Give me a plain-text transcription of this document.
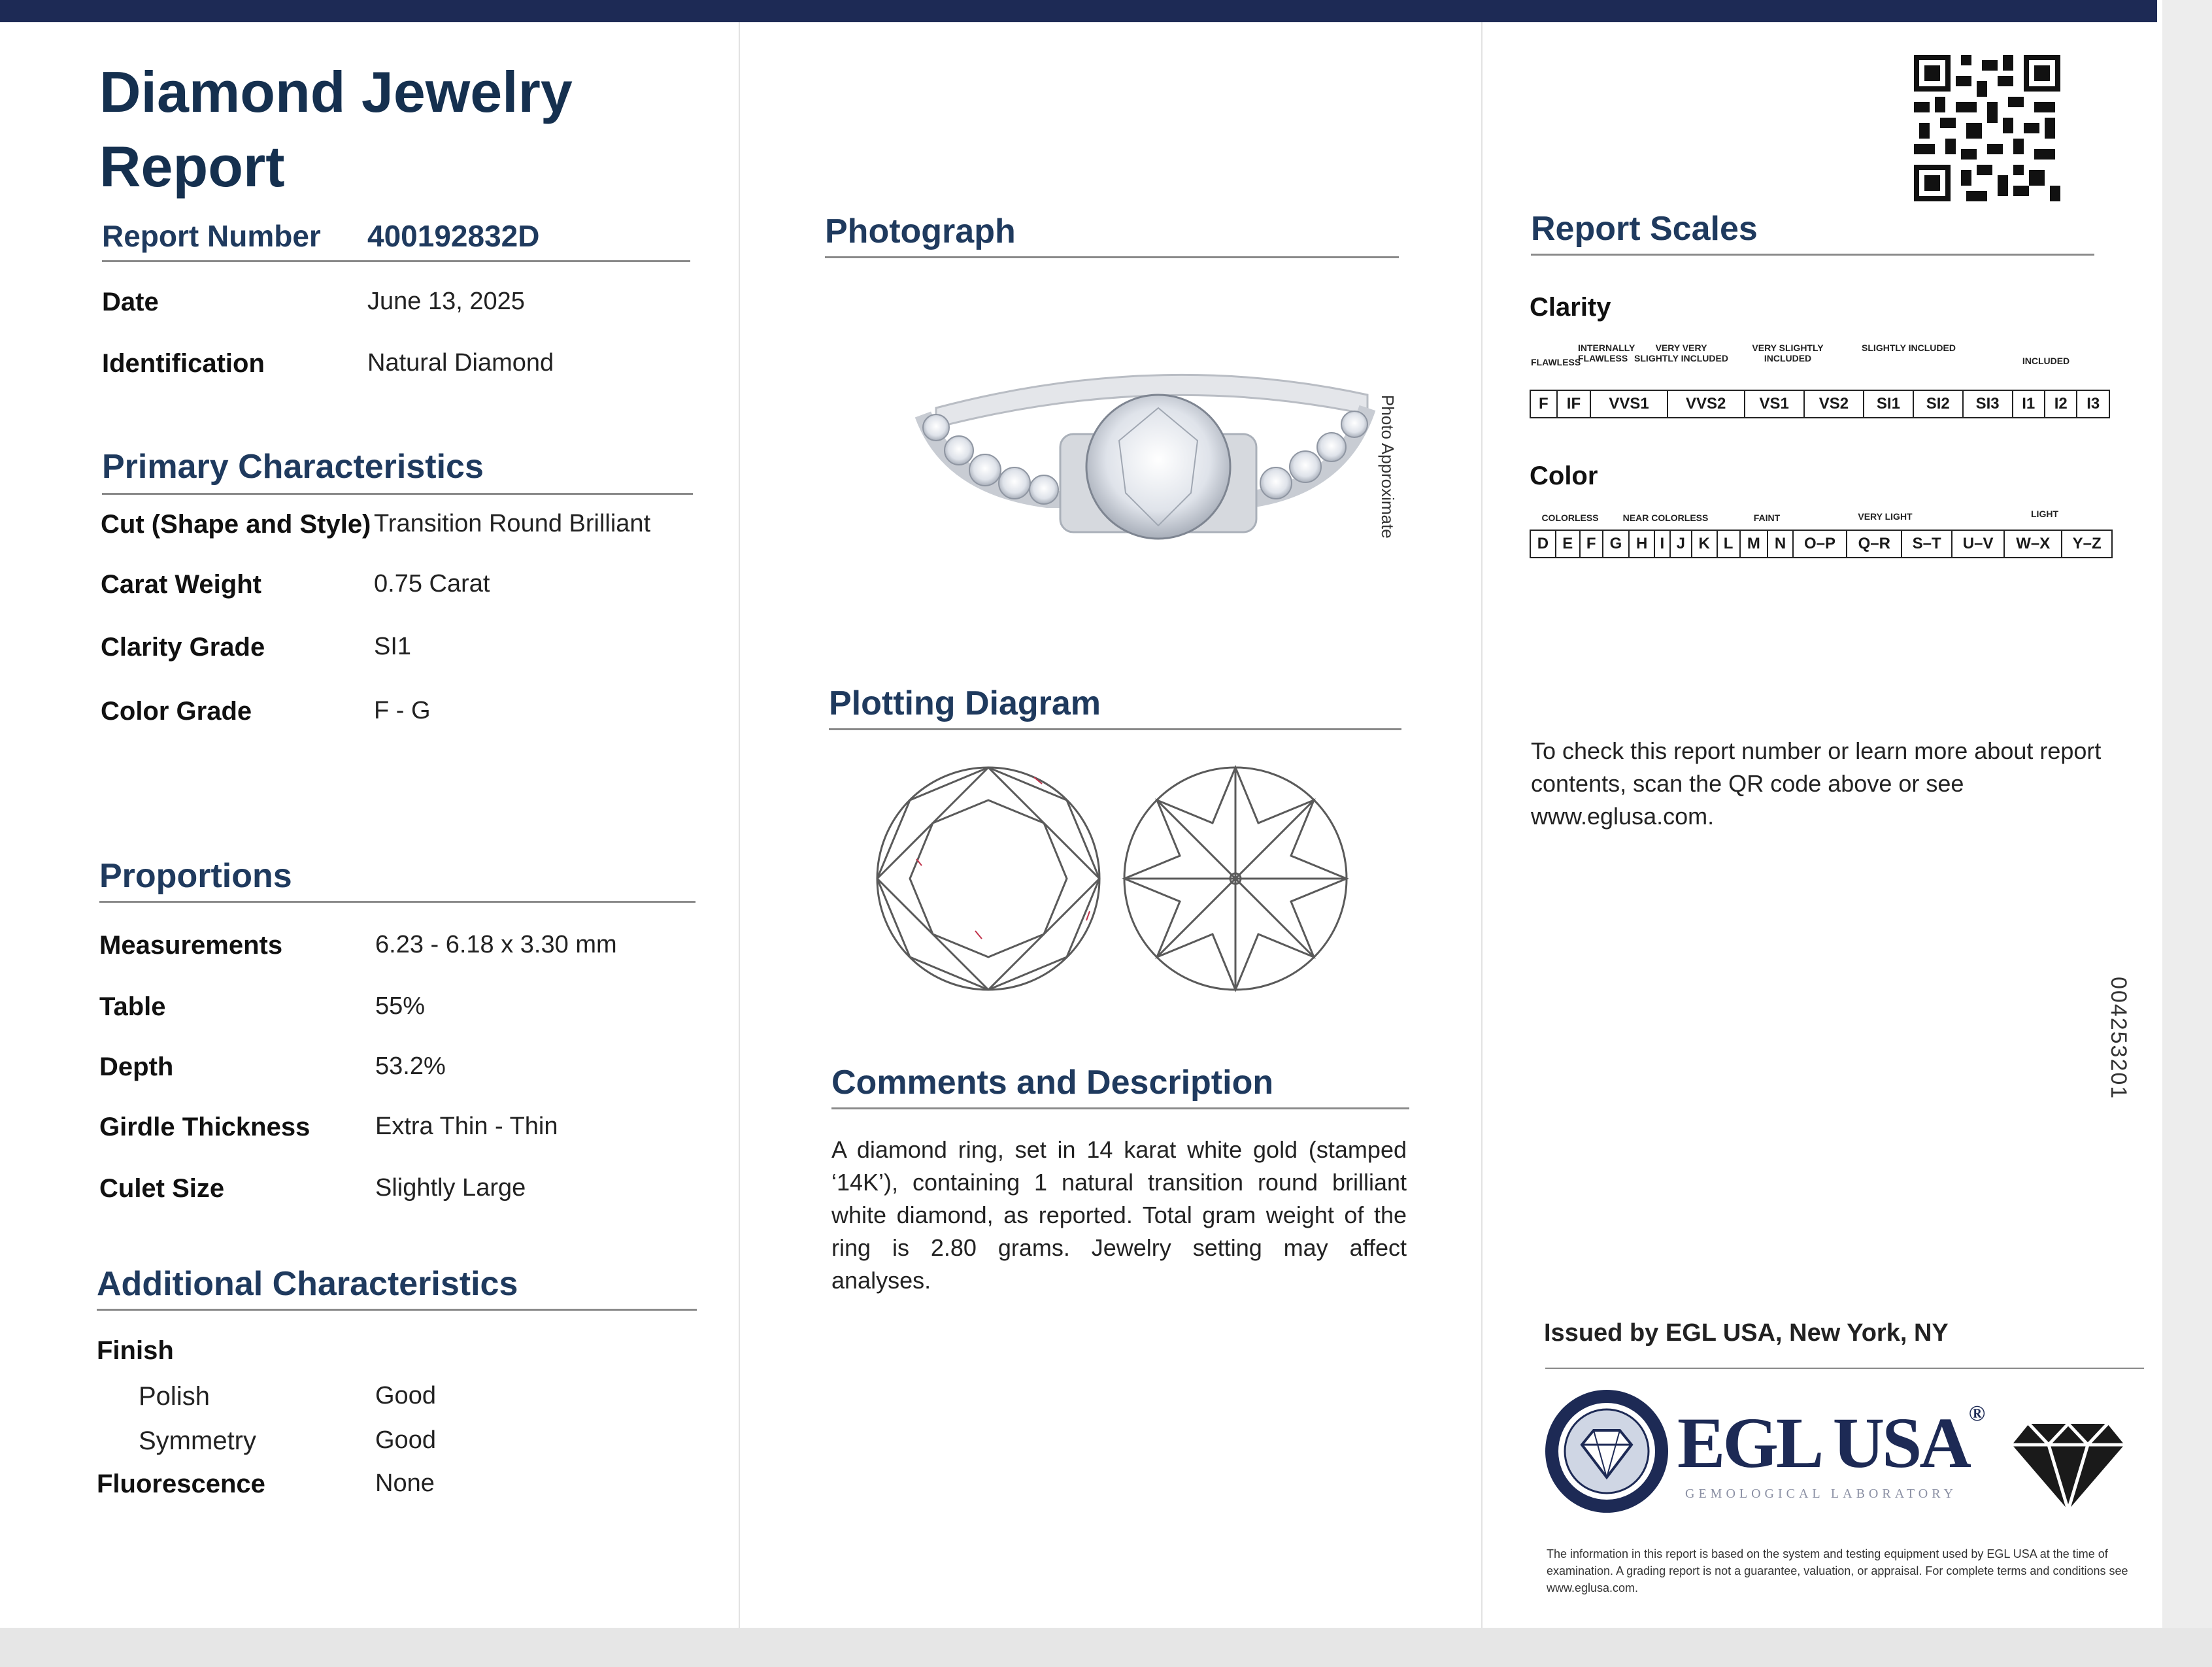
Diamond Jewelry
Report
Report Number 400192832D
Date	June 13, 2025
Identification	Natural Diamond
Primary Characteristics
Cut (Shape and Style) Transition Round Brilliant
Carat Weight	0.75 Carat
Clarity Grade	SI1
Color Grade	F - G
Proportions
Measurements	6.23 - 6.18 x 3.30 mm
Table	55%
Depth	53.2%
Girdle Thickness	Extra Thin - Thin
Culet Size	Slightly Large
Additional Characteristics
Finish
Polish	Good
Symmetry	Good
Fluorescence	None
Photograph
Photo Approximate
Plotting Diagram
Comments and Description
A diamond ring, set in 14 karat white gold (stamped ‘14K’), containing 1 natural transition round brilliant white diamond, as reported. Total gram weight of the ring is 2.80 grams. Jewelry setting may affect analyses.
Report Scales
Clarity
FLAWLESS
INTERNALLY FLAWLESS
VERY VERY SLIGHTLY INCLUDED
VERY SLIGHTLY INCLUDED
SLIGHTLY INCLUDED
INCLUDED
F	IF	VVS1	VVS2	VS1	VS2	SI1	SI2	SI3	I1	I2	I3
Color
COLORLESS	NEAR COLORLESS	FAINT	VERY LIGHT	LIGHT
D	E	F	G	H	I	J	K	L	M	N	O–P	Q–R	S–T	U–V	W–X	Y–Z
To check this report number or learn more about report contents, scan the QR code above or see www.eglusa.com.
004253201
Issued by EGL USA, New York, NY
EGL USA®
GEMOLOGICAL LABORATORY
The information in this report is based on the system and testing equipment used by EGL USA at the time of examination. A grading report is not a guarantee, valuation, or appraisal. For complete terms and conditions see www.eglusa.com.
